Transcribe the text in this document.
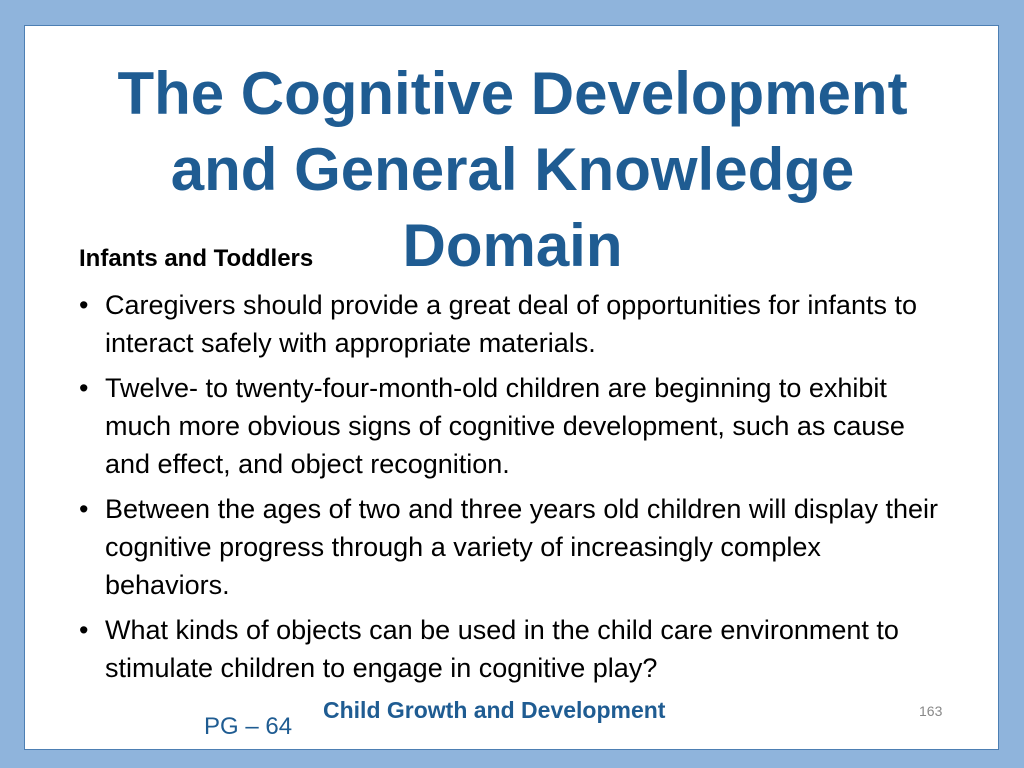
The Cognitive Development
and General Knowledge
Domain

Infants and Toddlers

• Caregivers should provide a great deal of opportunities for infants to interact safely with appropriate materials.
• Twelve- to twenty-four-month-old children are beginning to exhibit much more obvious signs of cognitive development, such as cause and effect, and object recognition.
• Between the ages of two and three years old children will display their cognitive progress through a variety of increasingly complex behaviors.
• What kinds of objects can be used in the child care environment to stimulate children to engage in cognitive play?

Child Growth and Development	163
PG – 64
